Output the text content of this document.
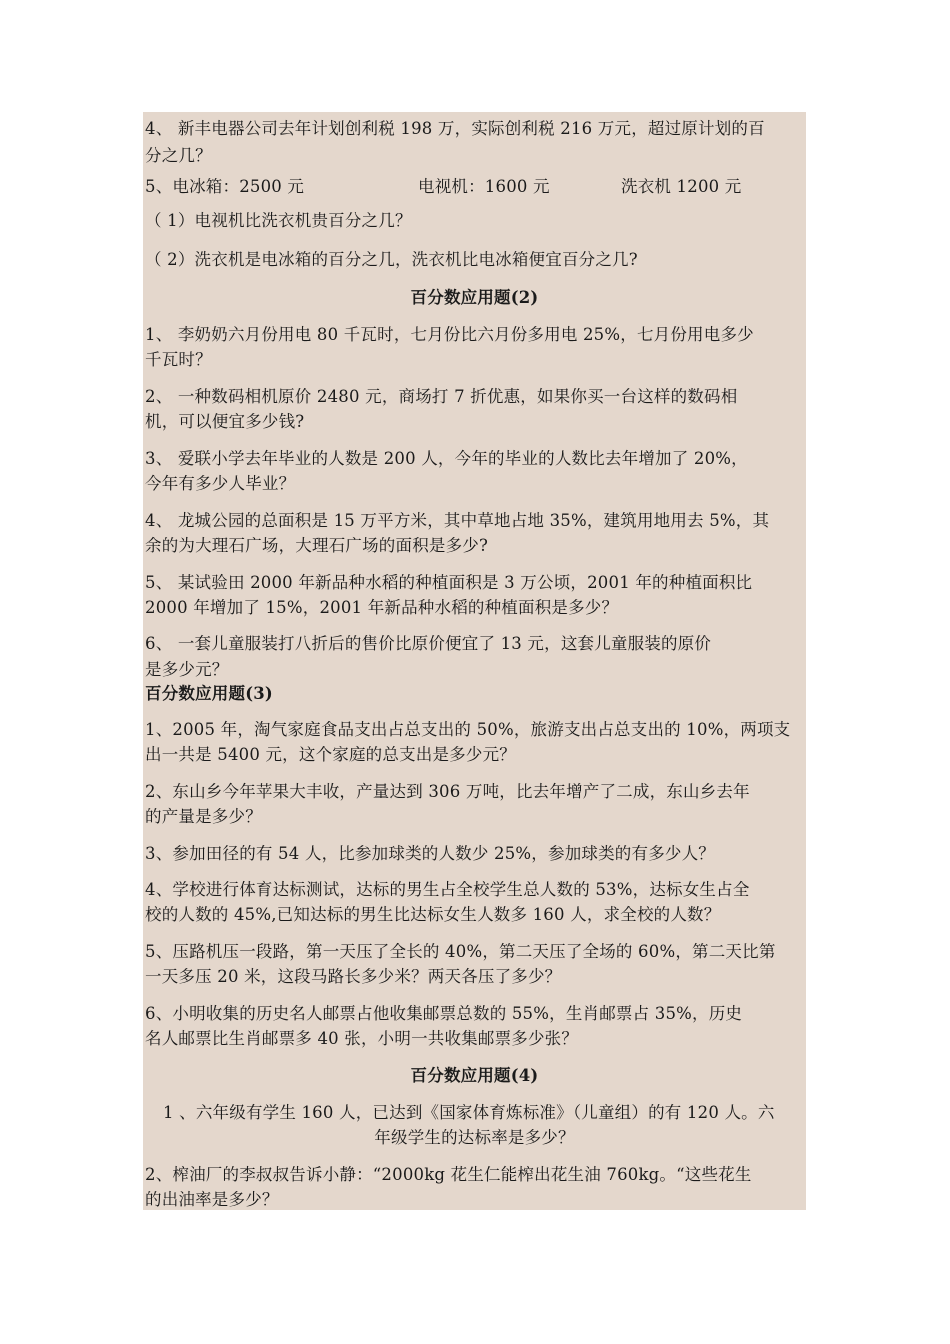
4、 新丰电器公司去年计划创利税 198 万，实际创利税 216 万元，超过原计划的百
分之几？
5、电冰箱：2500 元	电视机：1600 元	洗衣机 1200 元
（ 1）电视机比洗衣机贵百分之几？
（ 2）洗衣机是电冰箱的百分之几，洗衣机比电冰箱便宜百分之几?
百分数应用题(2)
1、 李奶奶六月份用电 80 千瓦时，七月份比六月份多用电 25%，七月份用电多少
千瓦时？
2、 一种数码相机原价 2480 元，商场打 7 折优惠，如果你买一台这样的数码相
机，可以便宜多少钱?
3、 爱联小学去年毕业的人数是 200 人，今年的毕业的人数比去年增加了 20%，
今年有多少人毕业？
4、 龙城公园的总面积是 15 万平方米，其中草地占地 35%，建筑用地用去 5%，其
余的为大理石广场，大理石广场的面积是多少?
5、 某试验田 2000 年新品种水稻的种植面积是 3 万公顷，2001 年的种植面积比
2000 年增加了 15%，2001 年新品种水稻的种植面积是多少？
6、 一套儿童服装打八折后的售价比原价便宜了 13 元，这套儿童服装的原价
是多少元？
百分数应用题(3)
1、2005 年，淘气家庭食品支出占总支出的 50%，旅游支出占总支出的 10%，两项支
出一共是 5400 元，这个家庭的总支出是多少元？
2、东山乡今年苹果大丰收，产量达到 306 万吨，比去年增产了二成，东山乡去年
的产量是多少？
3、参加田径的有 54 人，比参加球类的人数少 25%，参加球类的有多少人？
4、学校进行体育达标测试，达标的男生占全校学生总人数的 53%，达标女生占全
校的人数的 45%,已知达标的男生比达标女生人数多 160 人，求全校的人数？
5、压路机压一段路，第一天压了全长的 40%，第二天压了全场的 60%，第二天比第
一天多压 20 米，这段马路长多少米？两天各压了多少？
6、小明收集的历史名人邮票占他收集邮票总数的 55%，生肖邮票占 35%，历史
名人邮票比生肖邮票多 40 张，小明一共收集邮票多少张？
百分数应用题(4)
1 、六年级有学生 160 人，已达到《国家体育炼标准》（儿童组）的有 120 人。六
年级学生的达标率是多少？
2、榨油厂的李叔叔告诉小静：“2000kg 花生仁能榨出花生油 760kg。“这些花生
的出油率是多少？
